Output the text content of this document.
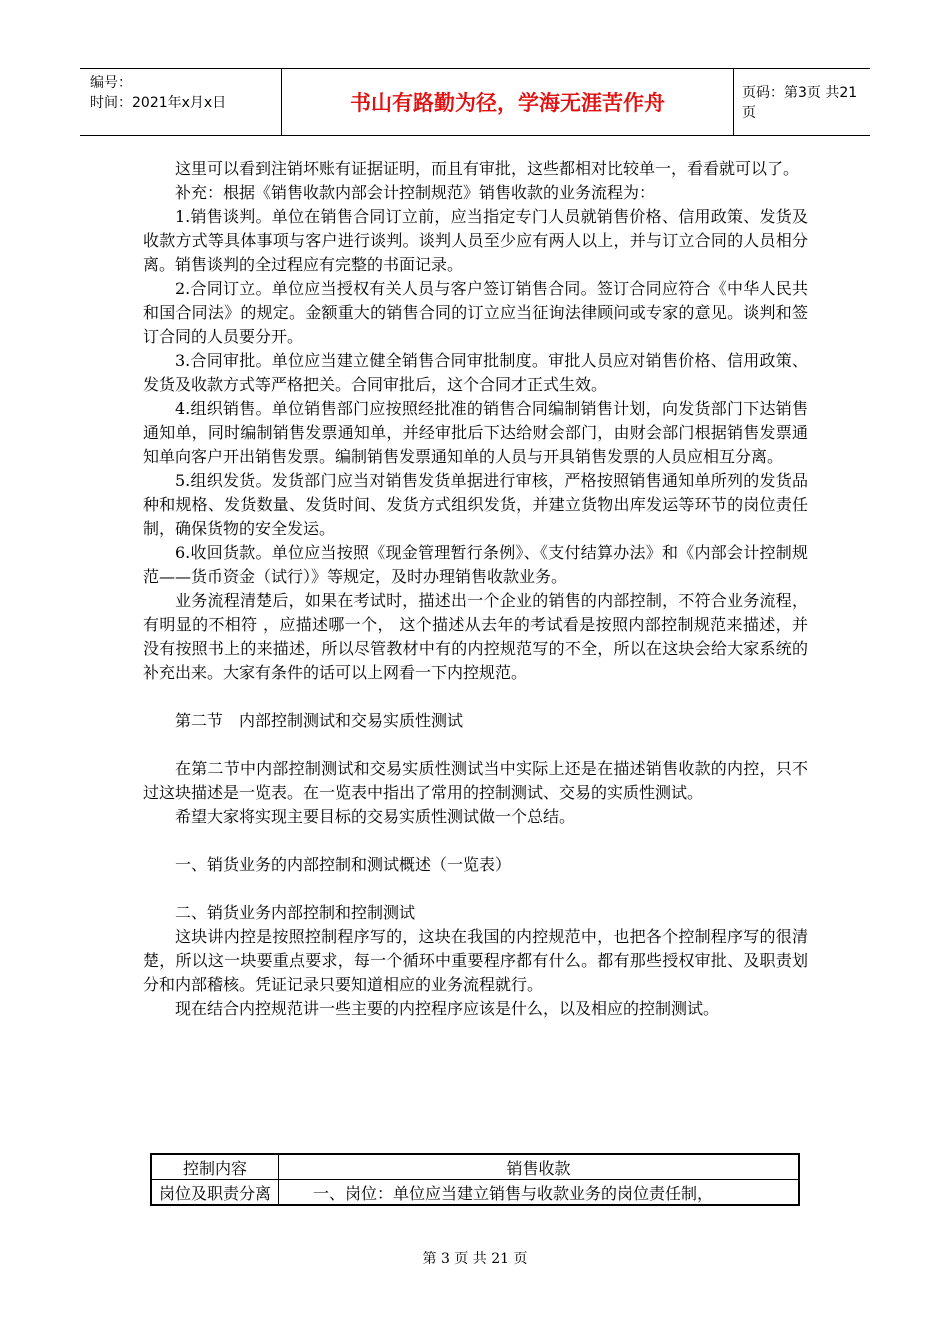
编号：
时间：2021年x月x日	书山有路勤为径，学海无涯苦作舟	页码：第3页 共21页

这里可以看到注销坏账有证据证明，而且有审批，这些都相对比较单一，看看就可以了。

补充：根据《销售收款内部会计控制规范》销售收款的业务流程为：

1.销售谈判。单位在销售合同订立前，应当指定专门人员就销售价格、信用政策、发货及收款方式等具体事项与客户进行谈判。谈判人员至少应有两人以上，并与订立合同的人员相分离。销售谈判的全过程应有完整的书面记录。

2.合同订立。单位应当授权有关人员与客户签订销售合同。签订合同应符合《中华人民共和国合同法》的规定。金额重大的销售合同的订立应当征询法律顾问或专家的意见。谈判和签订合同的人员要分开。

3.合同审批。单位应当建立健全销售合同审批制度。审批人员应对销售价格、信用政策、发货及收款方式等严格把关。合同审批后，这个合同才正式生效。

4.组织销售。单位销售部门应按照经批准的销售合同编制销售计划，向发货部门下达销售通知单，同时编制销售发票通知单，并经审批后下达给财会部门，由财会部门根据销售发票通知单向客户开出销售发票。编制销售发票通知单的人员与开具销售发票的人员应相互分离。

5.组织发货。发货部门应当对销售发货单据进行审核，严格按照销售通知单所列的发货品种和规格、发货数量、发货时间、发货方式组织发货，并建立货物出库发运等环节的岗位责任制，确保货物的安全发运。

6.收回货款。单位应当按照《现金管理暂行条例》、《支付结算办法》和《内部会计控制规范——货币资金（试行）》等规定，及时办理销售收款业务。

业务流程清楚后，如果在考试时，描述出一个企业的销售的内部控制，不符合业务流程， 有明显的不相符 ，应描述哪一个， 这个描述从去年的考试看是按照内部控制规范来描述，并没有按照书上的来描述，所以尽管教材中有的内控规范写的不全，所以在这块会给大家系统的补充出来。大家有条件的话可以上网看一下内控规范。

第二节　内部控制测试和交易实质性测试

在第二节中内部控制测试和交易实质性测试当中实际上还是在描述销售收款的内控，只不过这块描述是一览表。在一览表中指出了常用的控制测试、交易的实质性测试。

希望大家将实现主要目标的交易实质性测试做一个总结。

一、销货业务的内部控制和测试概述（一览表）

二、销货业务内部控制和控制测试

这块讲内控是按照控制程序写的，这块在我国的内控规范中，也把各个控制程序写的很清楚，所以这一块要重点要求，每一个循环中重要程序都有什么。都有那些授权审批、及职责划分和内部稽核。凭证记录只要知道相应的业务流程就行。

现在结合内控规范讲一些主要的内控程序应该是什么，以及相应的控制测试。

控制内容	销售收款
岗位及职责分离	　　一、岗位：单位应当建立销售与收款业务的岗位责任制，
第 3 页 共 21 页
